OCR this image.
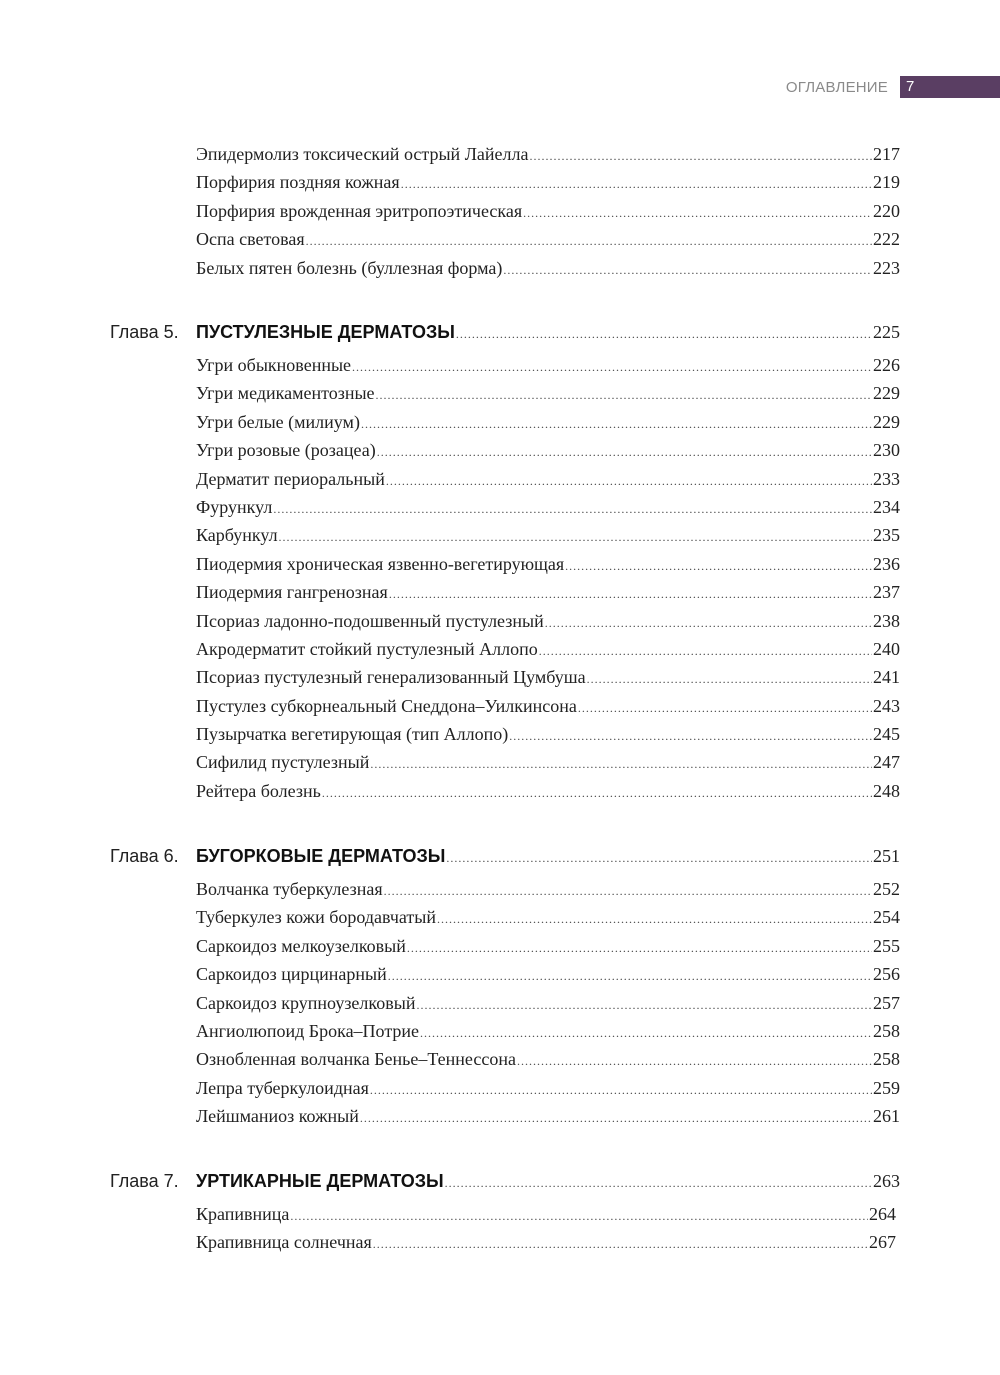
ОГЛАВЛЕНИЕ	7
Эпидермолиз токсический острый Лайелла .....	217
Порфирия поздняя кожная .....	219
Порфирия врожденная эритропоэтическая .....	220
Оспа световая .....	222
Белых пятен болезнь (буллезная форма) .....	223
Глава 5. ПУСТУЛЕЗНЫЕ ДЕРМАТОЗЫ .....	225
Угри обыкновенные .....	226
Угри медикаментозные .....	229
Угри белые (милиум) .....	229
Угри розовые (розацеа) .....	230
Дерматит периоральный .....	233
Фурункул .....	234
Карбункул .....	235
Пиодермия хроническая язвенно-вегетирующая .....	236
Пиодермия гангренозная .....	237
Псориаз ладонно-подошвенный пустулезный .....	238
Акродерматит стойкий пустулезный Аллопо .....	240
Псориаз пустулезный генерализованный Цумбуша .....	241
Пустулез субкорнеальный Снеддона–Уилкинсона .....	243
Пузырчатка вегетирующая (тип Аллопо) .....	245
Сифилид пустулезный .....	247
Рейтера болезнь .....	248
Глава 6. БУГОРКОВЫЕ ДЕРМАТОЗЫ .....	251
Волчанка туберкулезная .....	252
Туберкулез кожи бородавчатый .....	254
Саркоидоз мелкоузелковый .....	255
Саркоидоз цирцинарный .....	256
Саркоидоз крупноузелковый .....	257
Ангиолюпоид Брока–Потрие .....	258
Ознобленная волчанка Бенье–Теннессона .....	258
Лепра туберкулоидная .....	259
Лейшманиоз кожный .....	261
Глава 7. УРТИКАРНЫЕ ДЕРМАТОЗЫ .....	263
Крапивница .....	264
Крапивница солнечная .....	267
